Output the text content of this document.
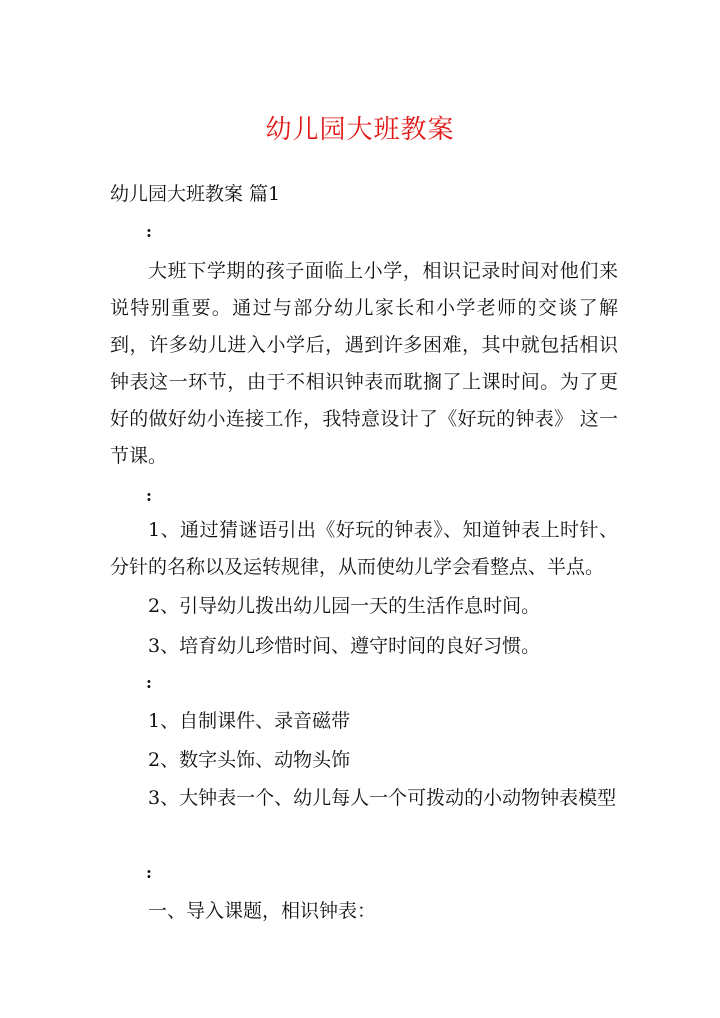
幼儿园大班教案
幼儿园大班教案 篇1
:
大班下学期的孩子面临上小学，相识记录时间对他们来说特别重要。通过与部分幼儿家长和小学老师的交谈了解到，许多幼儿进入小学后，遇到许多困难，其中就包括相识钟表这一环节，由于不相识钟表而耽搁了上课时间。为了更好的做好幼小连接工作，我特意设计了《好玩的钟表》 这一节课。
:
1、通过猜谜语引出《好玩的钟表》、知道钟表上时针、分针的名称以及运转规律，从而使幼儿学会看整点、半点。
2、引导幼儿拨出幼儿园一天的生活作息时间。
3、培育幼儿珍惜时间、遵守时间的良好习惯。
:
1、自制课件、录音磁带
2、数字头饰、动物头饰
3、大钟表一个、幼儿每人一个可拨动的小动物钟表模型
:
一、导入课题，相识钟表：
